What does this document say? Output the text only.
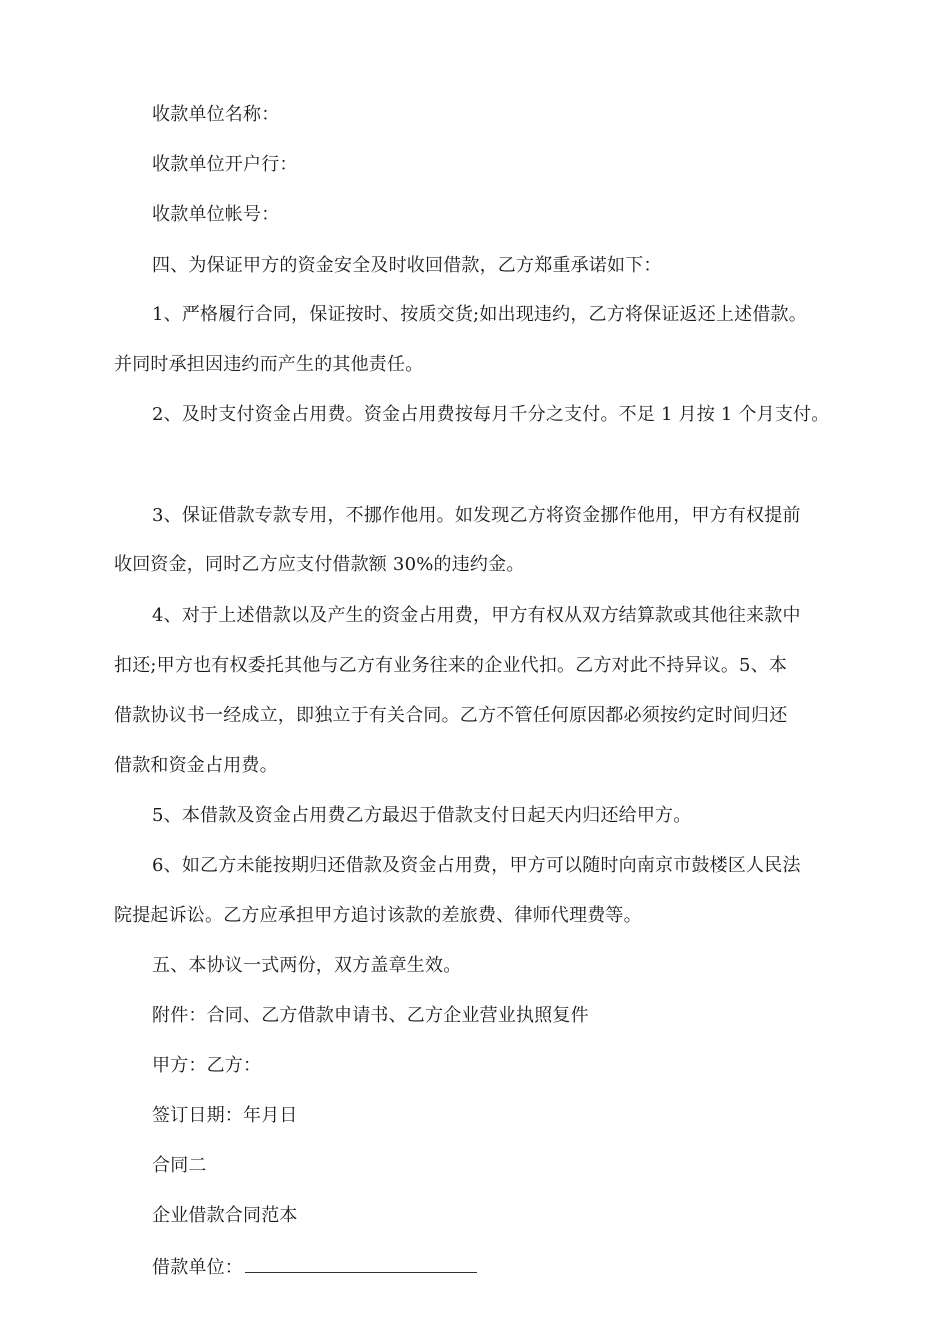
收款单位名称：
收款单位开户行：
收款单位帐号：
四、为保证甲方的资金安全及时收回借款，乙方郑重承诺如下：
1、严格履行合同，保证按时、按质交货;如出现违约，乙方将保证返还上述借款。
并同时承担因违约而产生的其他责任。
2、及时支付资金占用费。资金占用费按每月千分之支付。不足 1 月按 1 个月支付。
3、保证借款专款专用，不挪作他用。如发现乙方将资金挪作他用，甲方有权提前
收回资金，同时乙方应支付借款额 30%的违约金。
4、对于上述借款以及产生的资金占用费，甲方有权从双方结算款或其他往来款中
扣还;甲方也有权委托其他与乙方有业务往来的企业代扣。乙方对此不持异议。5、本
借款协议书一经成立，即独立于有关合同。乙方不管任何原因都必须按约定时间归还
借款和资金占用费。
5、本借款及资金占用费乙方最迟于借款支付日起天内归还给甲方。
6、如乙方未能按期归还借款及资金占用费，甲方可以随时向南京市鼓楼区人民法
院提起诉讼。乙方应承担甲方追讨该款的差旅费、律师代理费等。
五、本协议一式两份，双方盖章生效。
附件：合同、乙方借款申请书、乙方企业营业执照复件
甲方：乙方：
签订日期：年月日
合同二
企业借款合同范本
借款单位：
